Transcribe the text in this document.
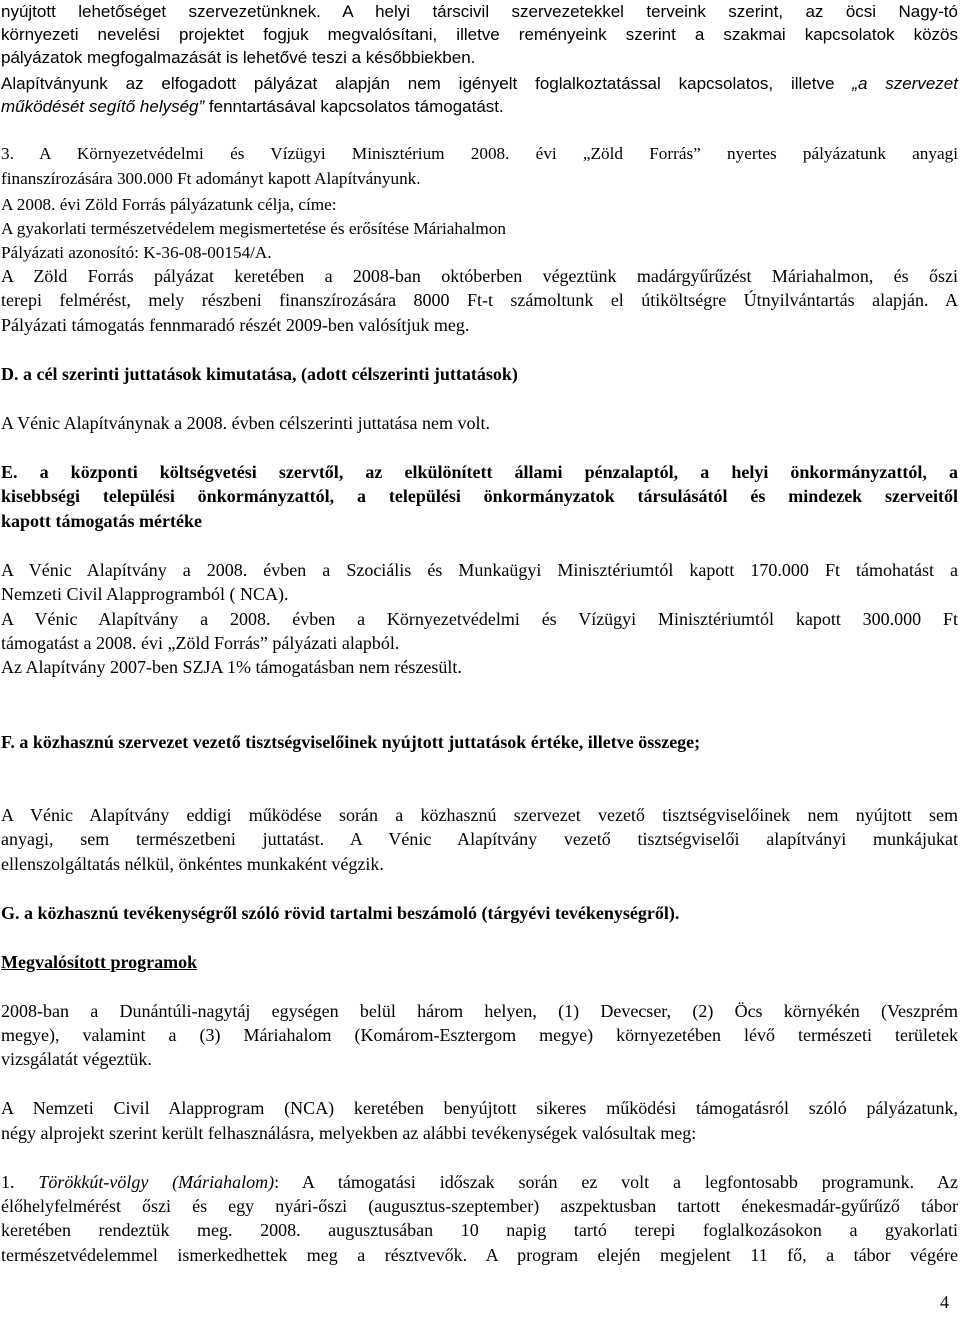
nyújtott lehetőséget szervezetünknek. A helyi társcivil szervezetekkel terveink szerint, az öcsi Nagy-tó
környezeti nevelési projektet fogjuk megvalósítani, illetve reményeink szerint a szakmai kapcsolatok közös
pályázatok megfogalmazását is lehetővé teszi a későbbiekben.
Alapítványunk az elfogadott pályázat alapján nem igényelt foglalkoztatással kapcsolatos, illetve „a szervezet
működését segítő helység” fenntartásával kapcsolatos támogatást.
3. A Környezetvédelmi és Vízügyi Minisztérium 2008. évi „Zöld Forrás” nyertes pályázatunk anyagi
finanszírozására 300.000 Ft adományt kapott Alapítványunk.
A 2008. évi Zöld Forrás pályázatunk célja, címe:
A gyakorlati természetvédelem megismertetése és erősítése Máriahalmon
Pályázati azonosító: K-36-08-00154/A.
A Zöld Forrás pályázat keretében a 2008-ban októberben végeztünk madárgyűrűzést Máriahalmon, és őszi
terepi felmérést, mely részbeni finanszírozására 8000 Ft-t számoltunk el útiköltségre Útnyilvántartás alapján. A
Pályázati támogatás fennmaradó részét 2009-ben valósítjuk meg.
D. a cél szerinti juttatások kimutatása, (adott célszerinti juttatások)
A Vénic Alapítványnak a 2008. évben célszerinti juttatása nem volt.
E. a központi költségvetési szervtől, az elkülönített állami pénzalaptól, a helyi önkormányzattól, a
kisebbségi települési önkormányzattól, a települési önkormányzatok társulásától és mindezek szerveitől
kapott támogatás mértéke
A Vénic Alapítvány a 2008. évben a Szociális és Munkaügyi Minisztériumtól kapott 170.000 Ft támohatást a
Nemzeti Civil Alapprogramból ( NCA).
A Vénic Alapítvány a 2008. évben a Környezetvédelmi és Vízügyi Minisztériumtól kapott 300.000 Ft
támogatást a 2008. évi „Zöld Forrás” pályázati alapból.
Az Alapítvány 2007-ben SZJA 1% támogatásban nem részesült.
F. a közhasznú szervezet vezető tisztségviselőinek nyújtott juttatások értéke, illetve összege;
A Vénic Alapítvány eddigi működése során a közhasznú szervezet vezető tisztségviselőinek nem nyújtott sem
anyagi, sem természetbeni juttatást. A Vénic Alapítvány vezető tisztségviselői alapítványi munkájukat
ellenszolgáltatás nélkül, önkéntes munkaként végzik.
G. a közhasznú tevékenységről szóló rövid tartalmi beszámoló (tárgyévi tevékenységről).
Megvalósított programok
2008-ban a Dunántúli-nagytáj egységen belül három helyen, (1) Devecser, (2) Öcs környékén (Veszprém
megye), valamint a (3) Máriahalom (Komárom-Esztergom megye) környezetében lévő természeti területek
vizsgálatát végeztük.
A Nemzeti Civil Alapprogram (NCA) keretében benyújtott sikeres működési támogatásról szóló pályázatunk,
négy alprojekt szerint került felhasználásra, melyekben az alábbi tevékenységek valósultak meg:
1. Törökkút-völgy (Máriahalom): A támogatási időszak során ez volt a legfontosabb programunk. Az
élőhelyfelmérést őszi és egy nyári-őszi (augusztus-szeptember) aszpektusban tartott énekesmadár-gyűrűző tábor
keretében rendeztük meg. 2008. augusztusában 10 napig tartó terepi foglalkozásokon a gyakorlati
természetvédelemmel ismerkedhettek meg a résztvevők. A program elején megjelent 11 fő, a tábor végére
4
